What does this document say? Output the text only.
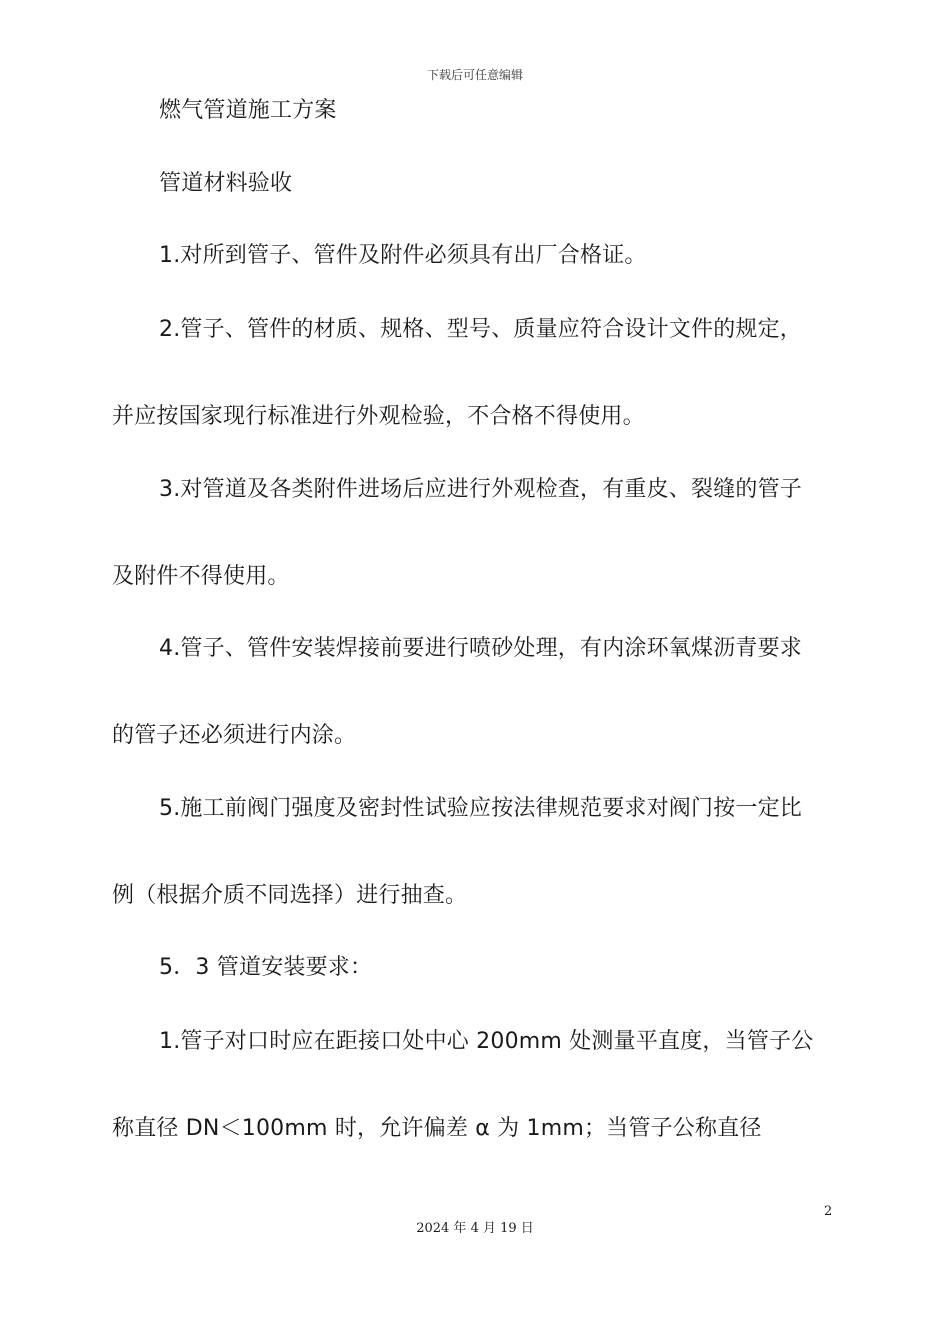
下载后可任意编辑
燃气管道施工方案
管道材料验收
1.对所到管子、管件及附件必须具有出厂合格证。
2.管子、管件的材质、规格、型号、质量应符合设计文件的规定，
并应按国家现行标准进行外观检验，不合格不得使用。
3.对管道及各类附件进场后应进行外观检查，有重皮、裂缝的管子
及附件不得使用。
4.管子、管件安装焊接前要进行喷砂处理，有内涂环氧煤沥青要求
的管子还必须进行内涂。
5.施工前阀门强度及密封性试验应按法律规范要求对阀门按一定比
例（根据介质不同选择）进行抽查。
5．3 管道安装要求：
1.管子对口时应在距接口处中心 200mm 处测量平直度，当管子公
称直径 DN＜100mm 时，允许偏差 α 为 1mm；当管子公称直径
2
2024 年 4 月 19 日
